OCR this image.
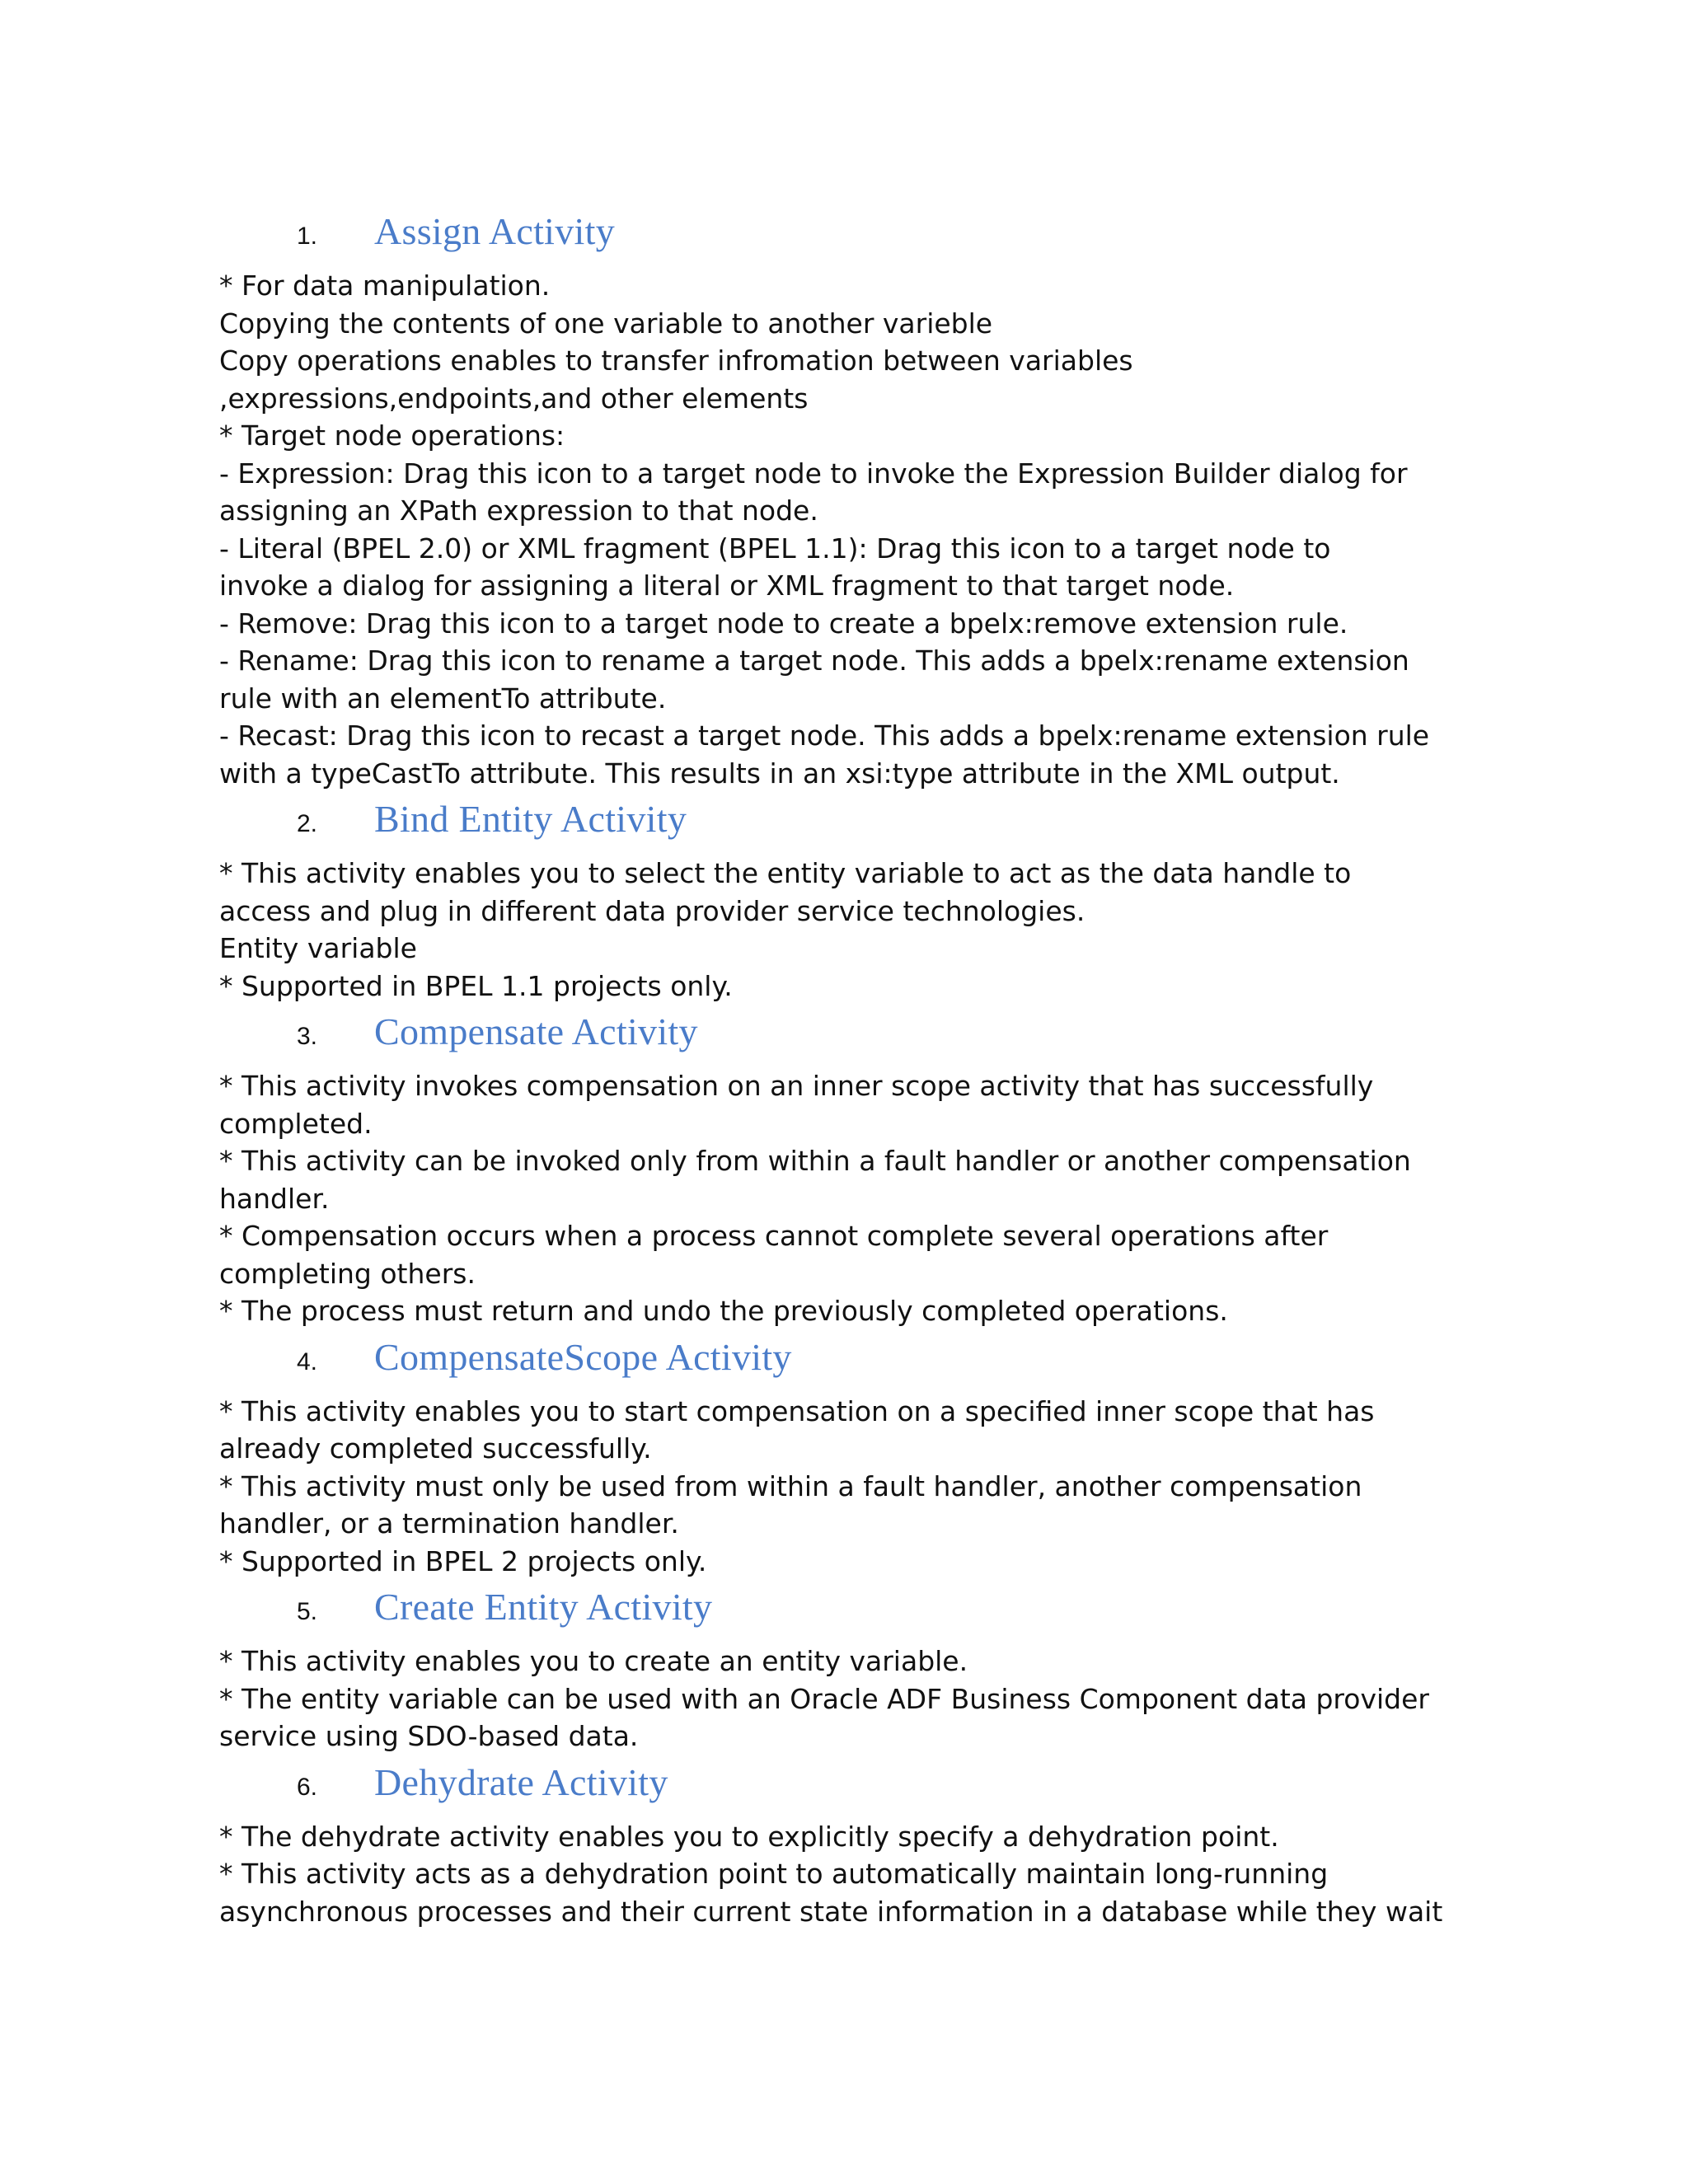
1.	Assign Activity
* For data manipulation.
Copying the contents of one variable to another varieble
Copy operations enables to transfer infromation between variables
,expressions,endpoints,and other elements
* Target node operations:
- Expression: Drag this icon to a target node to invoke the Expression Builder dialog for
assigning an XPath expression to that node.
- Literal (BPEL 2.0) or XML fragment (BPEL 1.1): Drag this icon to a target node to
invoke a dialog for assigning a literal or XML fragment to that target node.
- Remove: Drag this icon to a target node to create a bpelx:remove extension rule.
- Rename: Drag this icon to rename a target node. This adds a bpelx:rename extension
rule with an elementTo attribute.
- Recast: Drag this icon to recast a target node. This adds a bpelx:rename extension rule
with a typeCastTo attribute. This results in an xsi:type attribute in the XML output.
2.	Bind Entity Activity
* This activity enables you to select the entity variable to act as the data handle to
access and plug in different data provider service technologies.
Entity variable
* Supported in BPEL 1.1 projects only.
3.	Compensate Activity
* This activity invokes compensation on an inner scope activity that has successfully
completed.
* This activity can be invoked only from within a fault handler or another compensation
handler.
* Compensation occurs when a process cannot complete several operations after
completing others.
* The process must return and undo the previously completed operations.
4.	CompensateScope Activity
* This activity enables you to start compensation on a specified inner scope that has
already completed successfully.
* This activity must only be used from within a fault handler, another compensation
handler, or a termination handler.
* Supported in BPEL 2 projects only.
5.	Create Entity Activity
* This activity enables you to create an entity variable.
* The entity variable can be used with an Oracle ADF Business Component data provider
service using SDO-based data.
6.	Dehydrate Activity
* The dehydrate activity enables you to explicitly specify a dehydration point.
* This activity acts as a dehydration point to automatically maintain long-running
asynchronous processes and their current state information in a database while they wait
